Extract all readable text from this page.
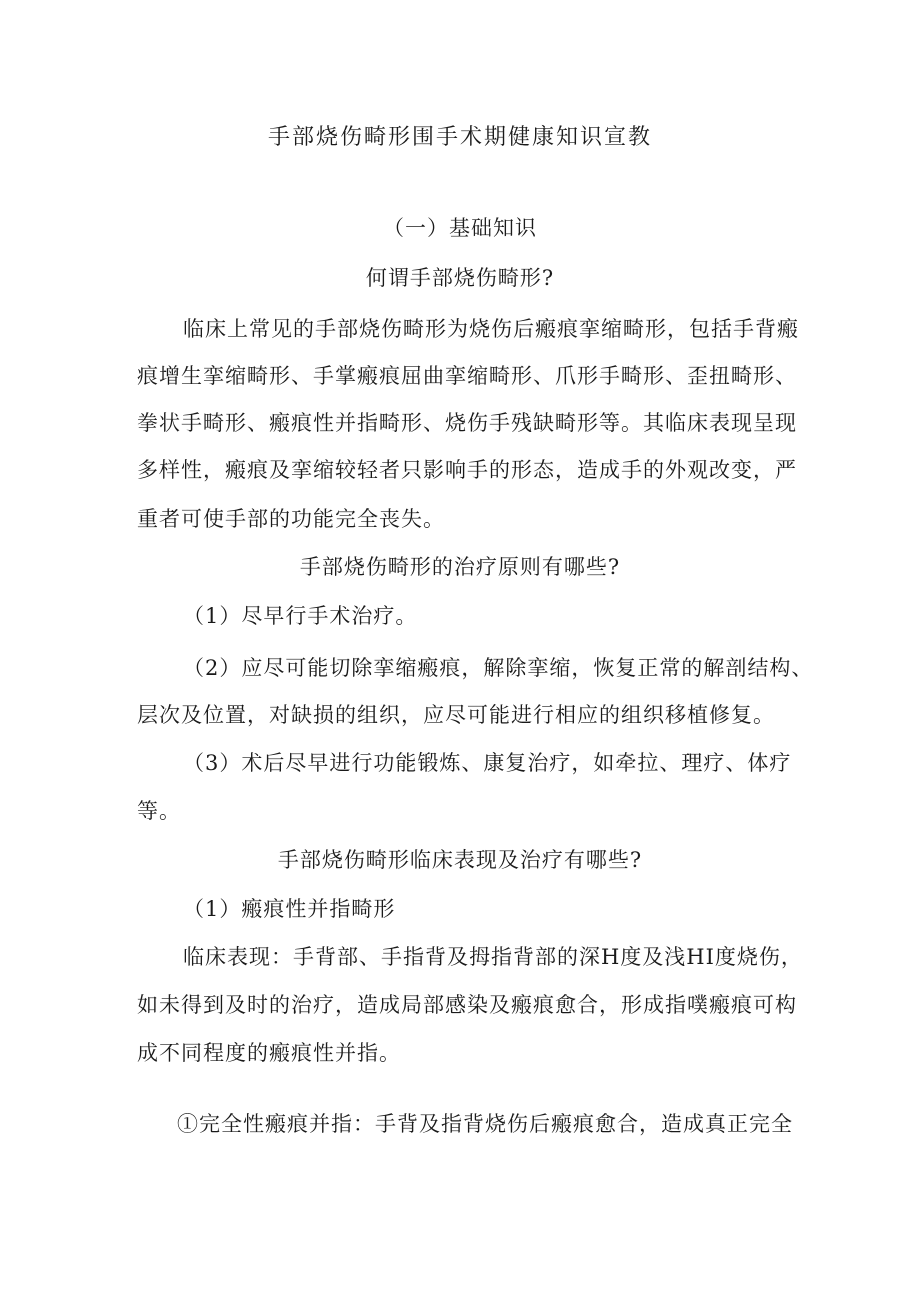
手部烧伤畸形围手术期健康知识宣教
（一）基础知识
何谓手部烧伤畸形?
临床上常见的手部烧伤畸形为烧伤后瘢痕挛缩畸形，包括手背瘢
痕增生挛缩畸形、手掌瘢痕屈曲挛缩畸形、爪形手畸形、歪扭畸形、
拳状手畸形、瘢痕性并指畸形、烧伤手残缺畸形等。其临床表现呈现
多样性，瘢痕及挛缩较轻者只影响手的形态，造成手的外观改变，严
重者可使手部的功能完全丧失。
手部烧伤畸形的治疗原则有哪些?
（1）尽早行手术治疗。
（2）应尽可能切除挛缩瘢痕，解除挛缩，恢复正常的解剖结构、
层次及位置，对缺损的组织，应尽可能进行相应的组织移植修复。
（3）术后尽早进行功能锻炼、康复治疗，如牵拉、理疗、体疗
等。
手部烧伤畸形临床表现及治疗有哪些?
（1）瘢痕性并指畸形
临床表现：手背部、手指背及拇指背部的深H度及浅HI度烧伤，
如未得到及时的治疗，造成局部感染及瘢痕愈合，形成指噗瘢痕可构
成不同程度的瘢痕性并指。
①完全性瘢痕并指：手背及指背烧伤后瘢痕愈合，造成真正完全
